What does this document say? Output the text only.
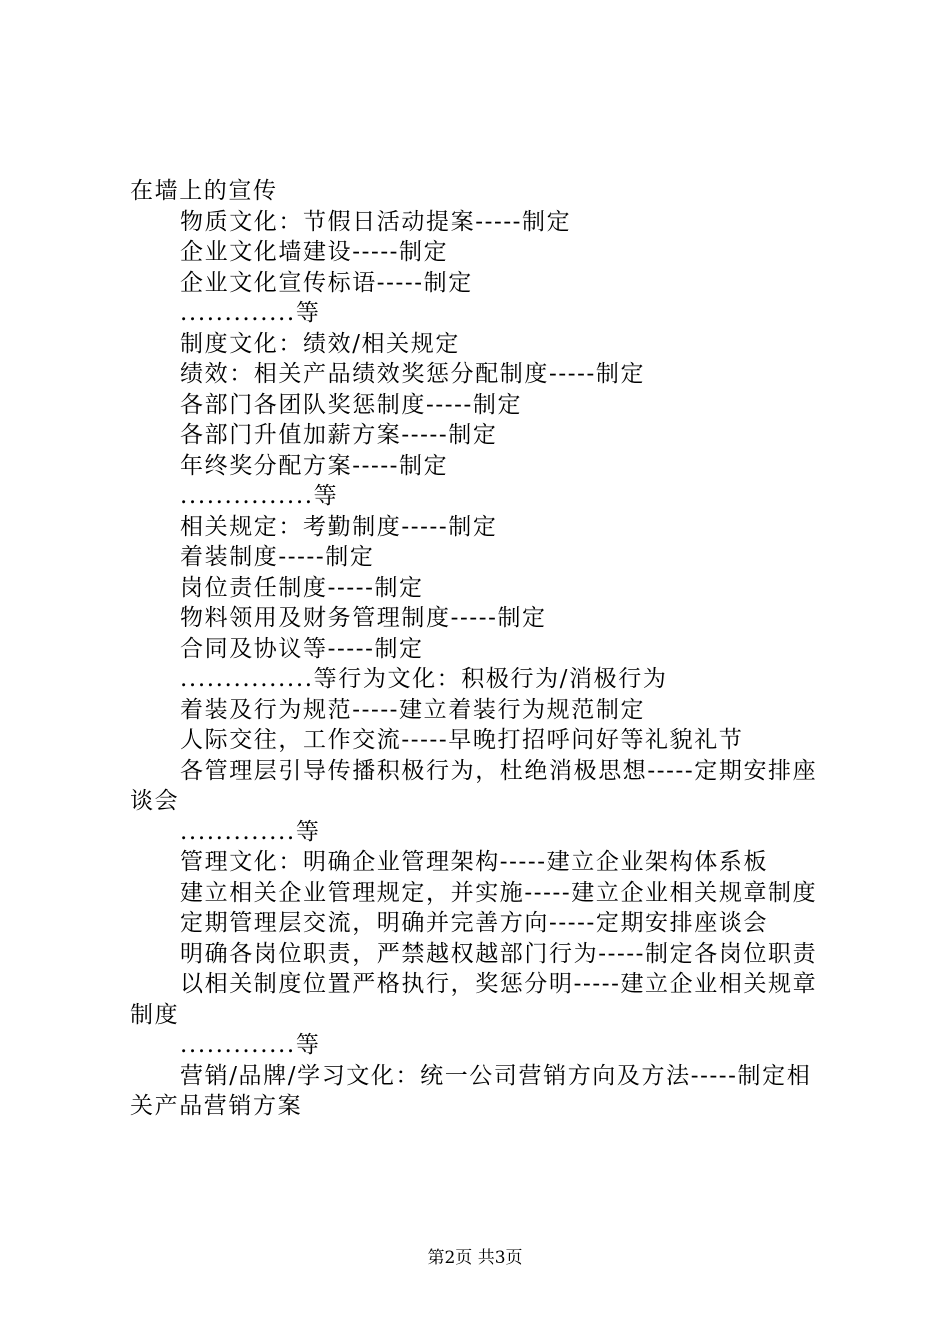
在墙上的宣传
物质文化：节假日活动提案-----制定
企业文化墙建设-----制定
企业文化宣传标语-----制定
.............等
制度文化：绩效/相关规定
绩效：相关产品绩效奖惩分配制度-----制定
各部门各团队奖惩制度-----制定
各部门升值加薪方案-----制定
年终奖分配方案-----制定
...............等
相关规定：考勤制度-----制定
着装制度-----制定
岗位责任制度-----制定
物料领用及财务管理制度-----制定
合同及协议等-----制定
...............等行为文化：积极行为/消极行为
着装及行为规范-----建立着装行为规范制定
人际交往，工作交流-----早晚打招呼问好等礼貌礼节
各管理层引导传播积极行为，杜绝消极思想-----定期安排座谈会
.............等
管理文化：明确企业管理架构-----建立企业架构体系板
建立相关企业管理规定，并实施-----建立企业相关规章制度
定期管理层交流，明确并完善方向-----定期安排座谈会
明确各岗位职责，严禁越权越部门行为-----制定各岗位职责
以相关制度位置严格执行，奖惩分明-----建立企业相关规章制度
.............等
营销/品牌/学习文化：统一公司营销方向及方法-----制定相关产品营销方案
第2页 共3页
